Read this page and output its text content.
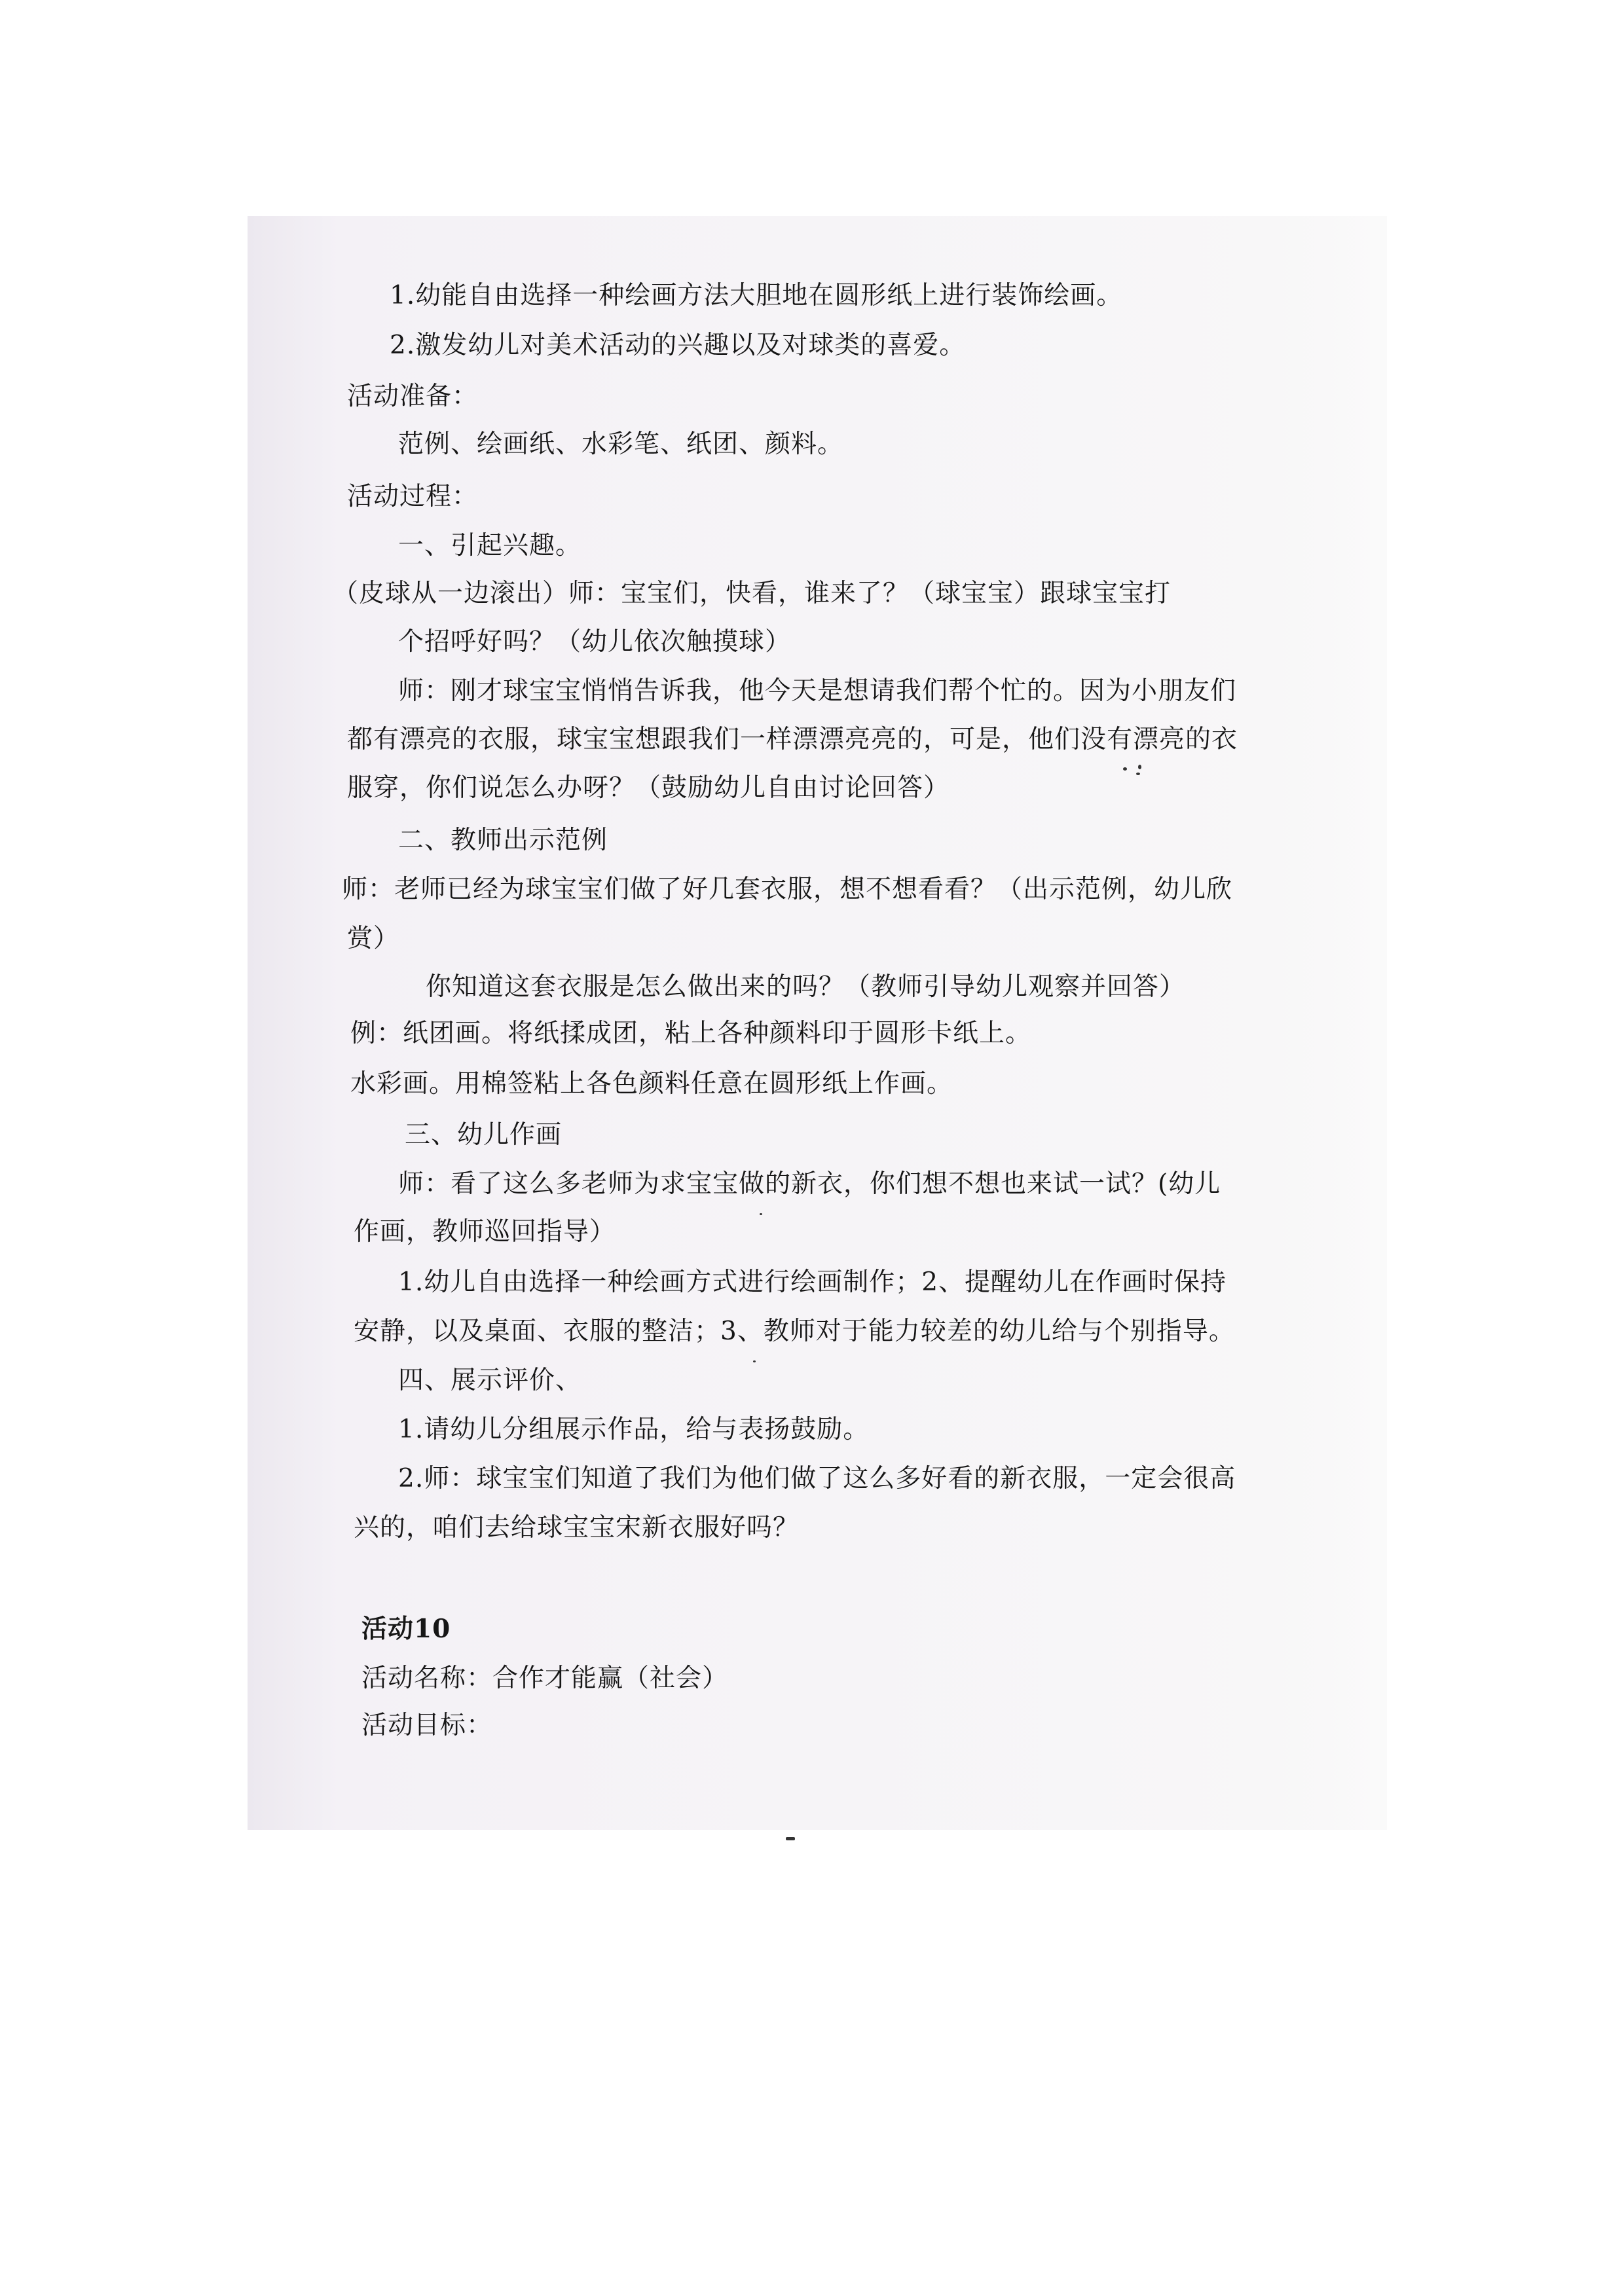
1.幼能自由选择一种绘画方法大胆地在圆形纸上进行装饰绘画。
2.激发幼儿对美术活动的兴趣以及对球类的喜爱。
活动准备：
范例、绘画纸、水彩笔、纸团、颜料。
活动过程：
一、引起兴趣。
（皮球从一边滚出）师：宝宝们，快看，谁来了？（球宝宝）跟球宝宝打
个招呼好吗？（幼儿依次触摸球）
师：刚才球宝宝悄悄告诉我，他今天是想请我们帮个忙的。因为小朋友们
都有漂亮的衣服，球宝宝想跟我们一样漂漂亮亮的，可是，他们没有漂亮的衣
服穿，你们说怎么办呀？（鼓励幼儿自由讨论回答）
二、教师出示范例
师：老师已经为球宝宝们做了好几套衣服，想不想看看？（出示范例，幼儿欣
赏）
你知道这套衣服是怎么做出来的吗？（教师引导幼儿观察并回答）
例：纸团画。将纸揉成团，粘上各种颜料印于圆形卡纸上。
水彩画。用棉签粘上各色颜料任意在圆形纸上作画。
三、幼儿作画
师：看了这么多老师为求宝宝做的新衣，你们想不想也来试一试？(幼儿
作画，教师巡回指导）
1.幼儿自由选择一种绘画方式进行绘画制作；2、提醒幼儿在作画时保持
安静，以及桌面、衣服的整洁；3、教师对于能力较差的幼儿给与个别指导。
四、展示评价、
1.请幼儿分组展示作品，给与表扬鼓励。
2.师：球宝宝们知道了我们为他们做了这么多好看的新衣服，一定会很高
兴的，咱们去给球宝宝宋新衣服好吗？
活动10
活动名称：合作才能赢（社会）
活动目标：
